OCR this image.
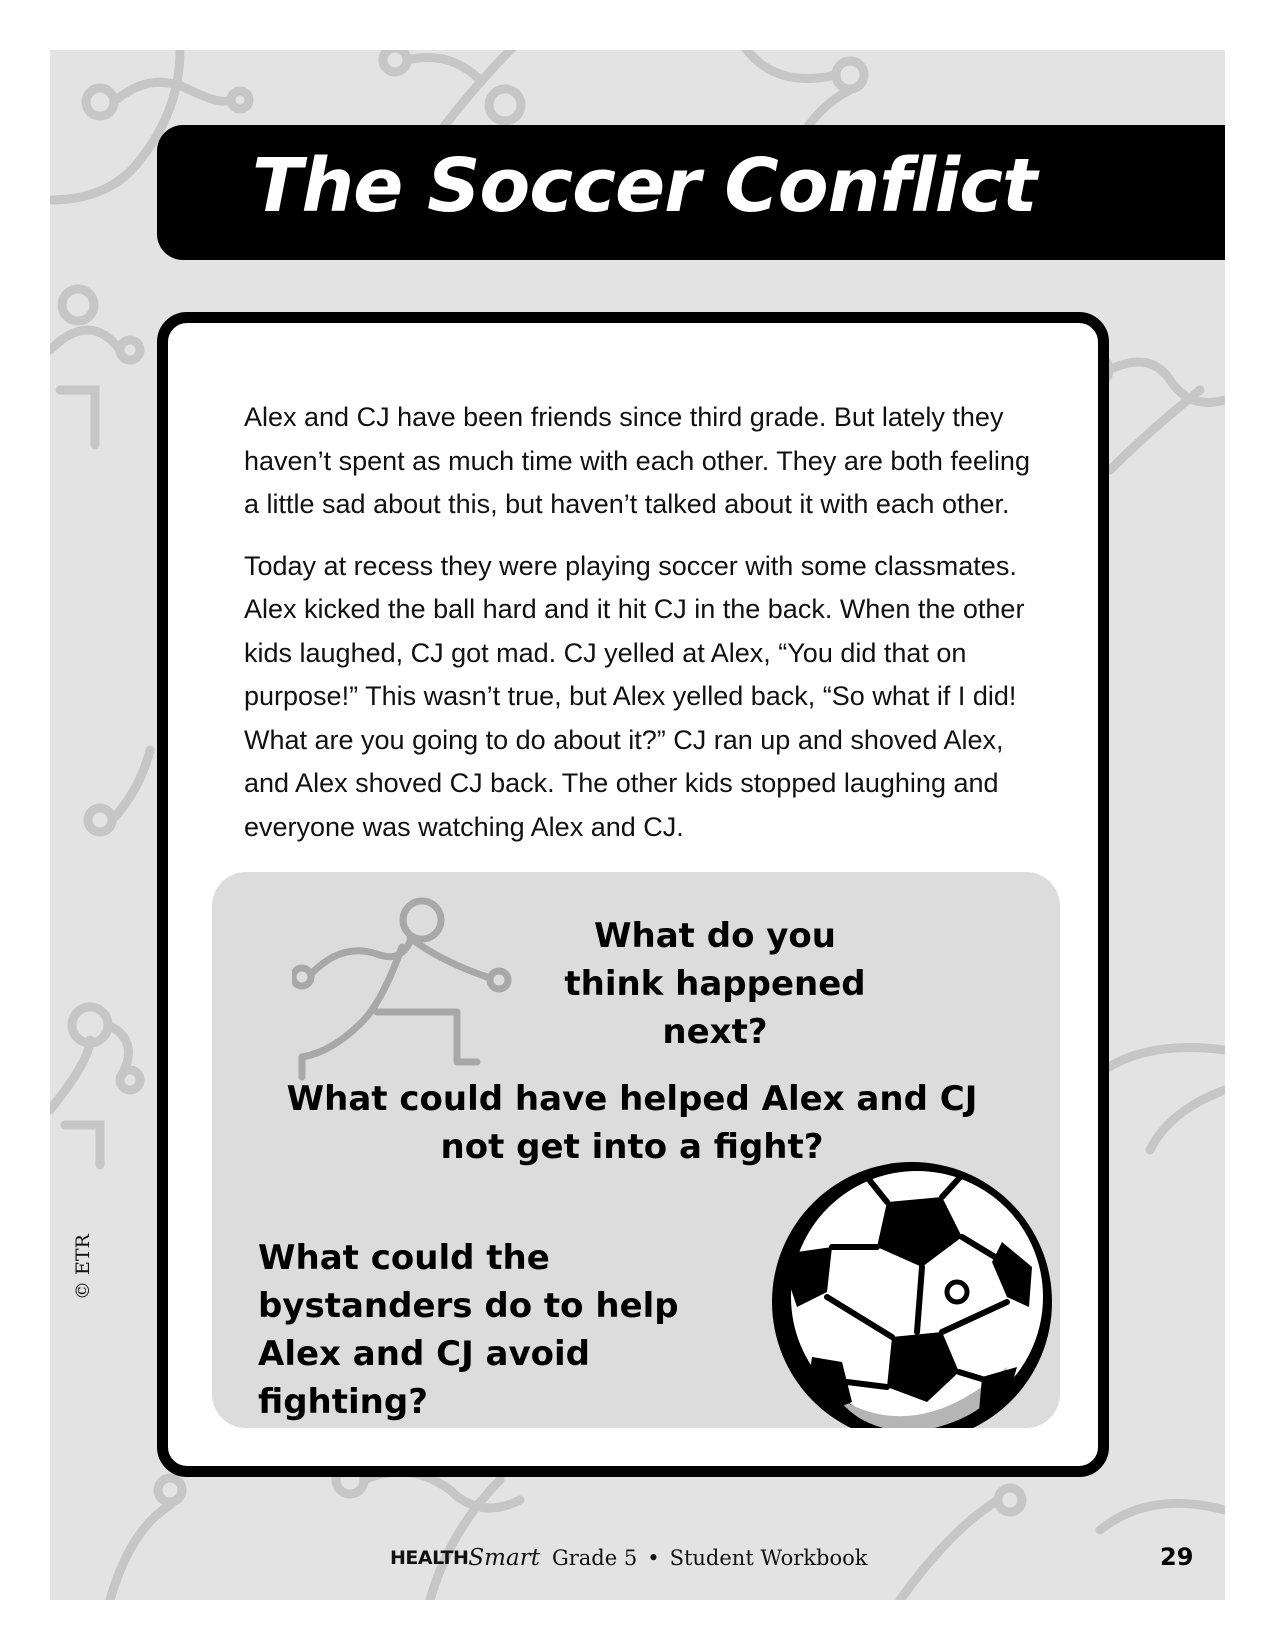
The Soccer Conflict

Alex and CJ have been friends since third grade. But lately they haven’t spent as much time with each other. They are both feeling a little sad about this, but haven’t talked about it with each other.

Today at recess they were playing soccer with some classmates. Alex kicked the ball hard and it hit CJ in the back. When the other kids laughed, CJ got mad. CJ yelled at Alex, “You did that on purpose!” This wasn’t true, but Alex yelled back, “So what if I did! What are you going to do about it?” CJ ran up and shoved Alex, and Alex shoved CJ back. The other kids stopped laughing and everyone was watching Alex and CJ.

What do you think happened next?

What could have helped Alex and CJ not get into a fight?

What could the bystanders do to help Alex and CJ avoid fighting?

© ETR
HEALTH Smart Grade 5 • Student Workbook	29
